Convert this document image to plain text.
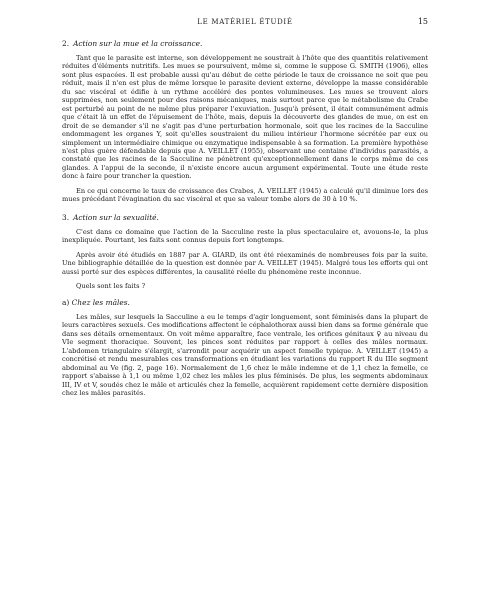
LE MATÉRIEL ÉTUDIÉ	15
2. Action sur la mue et la croissance.

Tant que le parasite est interne, son développement ne soustrait à l'hôte que des quantités relativement réduites d'éléments nutritifs. Les mues se poursuivent, même si, comme le suppose G. SMITH (1906), elles sont plus espacées. Il est probable aussi qu'au début de cette période le taux de croissance ne soit que peu réduit, mais il n'en est plus de même lorsque le parasite devient externe, développe la masse considérable du sac viscéral et édifie à un rythme accéléré des pontes volumineuses. Les mues se trouvent alors supprimées, non seulement pour des raisons mécaniques, mais surtout parce que le métabolisme du Crabe est perturbé au point de ne même plus préparer l'exuviation. Jusqu'à présent, il était communément admis que c'était là un effet de l'épuisement de l'hôte, mais, depuis la découverte des glandes de mue, on est en droit de se demander s'il ne s'agit pas d'une perturbation hormonale, soit que les racines de la Sacculine endommagent les organes Y, soit qu'elles soustraient du milieu intérieur l'hormone sécrétée par eux ou simplement un intermédiaire chimique ou enzymatique indispensable à sa formation. La première hypothèse n'est plus guère défendable depuis que A. VEILLET (1955), observant une centaine d'individus parasités, a constaté que les racines de la Sacculine ne pénètrent qu'exceptionnellement dans le corps même de ces glandes. A l'appui de la seconde, il n'existe encore aucun argument expérimental. Toute une étude reste donc à faire pour trancher la question.

En ce qui concerne le taux de croissance des Crabes, A. VEILLET (1945) a calculé qu'il diminue lors des mues précédant l'évagination du sac viscéral et que sa valeur tombe alors de 30 à 10 %.

3. Action sur la sexualité.

C'est dans ce domaine que l'action de la Sacculine reste la plus spectaculaire et, avouons-le, la plus inexpliquée. Pourtant, les faits sont connus depuis fort longtemps.

Après avoir été étudiés en 1887 par A. GIARD, ils ont été réexaminés de nombreuses fois par la suite. Une bibliographie détaillée de la question est donnée par A. VEILLET (1945). Malgré tous les efforts qui ont aussi porté sur des espèces différentes, la causalité réelle du phénomène reste inconnue.

Quels sont les faits ?
a) Chez les mâles.

Les mâles, sur lesquels la Sacculine a eu le temps d'agir longuement, sont féminisés dans la plupart de leurs caractères sexuels. Ces modifications affectent le céphalothorax aussi bien dans sa forme générale que dans ses détails ornementaux. On voit même apparaître, face ventrale, les orifices génitaux ♀ au niveau du VIe segment thoracique. Souvent, les pinces sont réduites par rapport à celles des mâles normaux. L'abdomen triangulaire s'élargit, s'arrondit pour acquérir un aspect femelle typique. A. VEILLET (1945) a concrétisé et rendu mesurables ces transformations en étudiant les variations du rapport R du IIIe segment abdominal au Ve (fig. 2, page 16). Normalement de 1,6 chez le mâle indemne et de 1,1 chez la femelle, ce rapport s'abaisse à 1,1 ou même 1,02 chez les mâles les plus féminisés. De plus, les segments abdominaux III, IV et V, soudés chez le mâle et articulés chez la femelle, acquièrent rapidement cette dernière disposition chez les mâles parasités.
